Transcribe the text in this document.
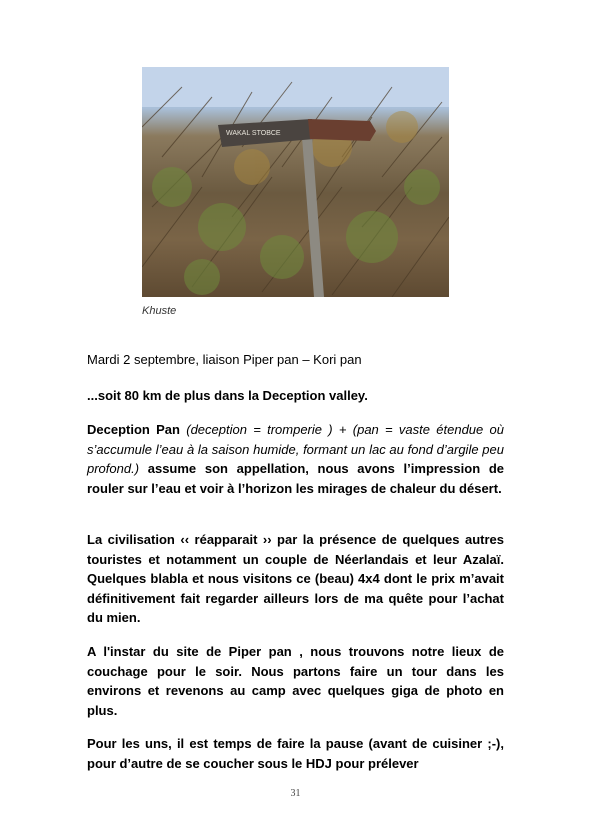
WAKAL STOBCE
Khuste
Mardi 2 septembre, liaison Piper pan – Kori pan
...soit 80 km de plus dans la Deception valley.
Deception Pan (deception = tromperie ) + (pan = vaste étendue où s’accumule l’eau à la saison humide, formant un lac au fond d’argile peu profond.) assume son appellation, nous avons l’impression de rouler sur l’eau et voir à l’horizon les mirages de chaleur du désert.
La civilisation ‹‹ réapparait ›› par la présence de quelques autres touristes et notamment un couple de Néerlandais et leur Azalaï. Quelques blabla et nous visitons ce (beau) 4x4 dont le prix m’avait définitivement fait regarder ailleurs lors de ma quête pour l’achat du mien.
A l'instar du site de Piper pan , nous trouvons notre lieux de couchage pour le soir. Nous partons faire un tour dans les environs et revenons au camp avec quelques giga de photo en plus.
Pour les uns, il est temps de faire la pause (avant de cuisiner ;-), pour d’autre de se coucher sous le HDJ pour prélever
31
